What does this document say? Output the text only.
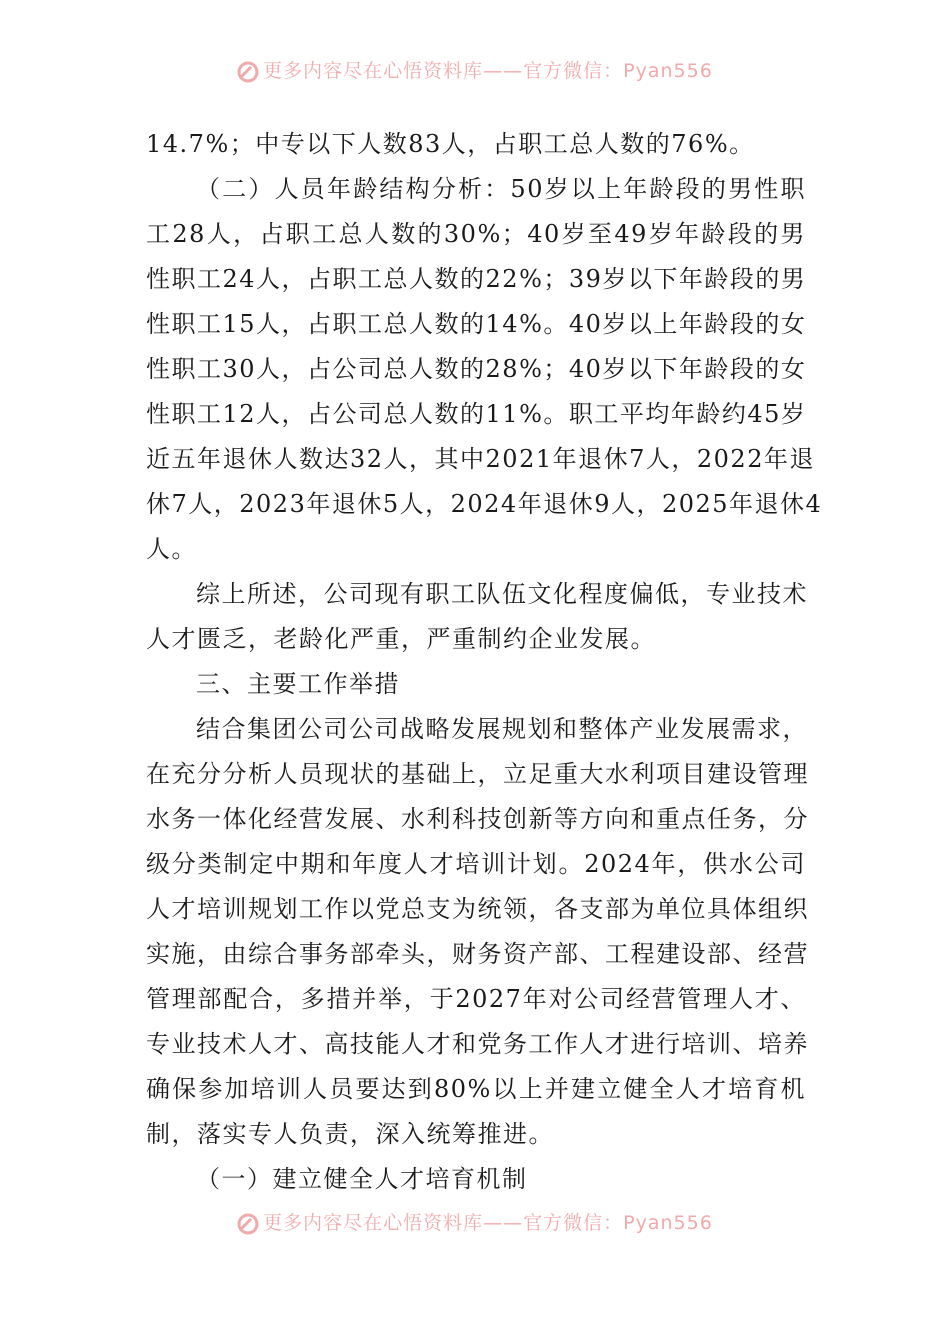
更多内容尽在心悟资料库——官方微信：Pyan556
14.7%；中专以下人数83人，占职工总人数的76%。
（二）人员年龄结构分析：50岁以上年龄段的男性职
工28人，占职工总人数的30%；40岁至49岁年龄段的男
性职工24人，占职工总人数的22%；39岁以下年龄段的男
性职工15人，占职工总人数的14%。40岁以上年龄段的女
性职工30人，占公司总人数的28%；40岁以下年龄段的女
性职工12人，占公司总人数的11%。职工平均年龄约45岁
近五年退休人数达32人，其中2021年退休7人，2022年退
休7人，2023年退休5人，2024年退休9人，2025年退休4
人。
综上所述，公司现有职工队伍文化程度偏低，专业技术
人才匮乏，老龄化严重，严重制约企业发展。
三、主要工作举措
结合集团公司公司战略发展规划和整体产业发展需求，
在充分分析人员现状的基础上，立足重大水利项目建设管理
水务一体化经营发展、水利科技创新等方向和重点任务，分
级分类制定中期和年度人才培训计划。2024年，供水公司
人才培训规划工作以党总支为统领，各支部为单位具体组织
实施，由综合事务部牵头，财务资产部、工程建设部、经营
管理部配合，多措并举，于2027年对公司经营管理人才、
专业技术人才、高技能人才和党务工作人才进行培训、培养
确保参加培训人员要达到80%以上并建立健全人才培育机
制，落实专人负责，深入统筹推进。
（一）建立健全人才培育机制
更多内容尽在心悟资料库——官方微信：Pyan556
